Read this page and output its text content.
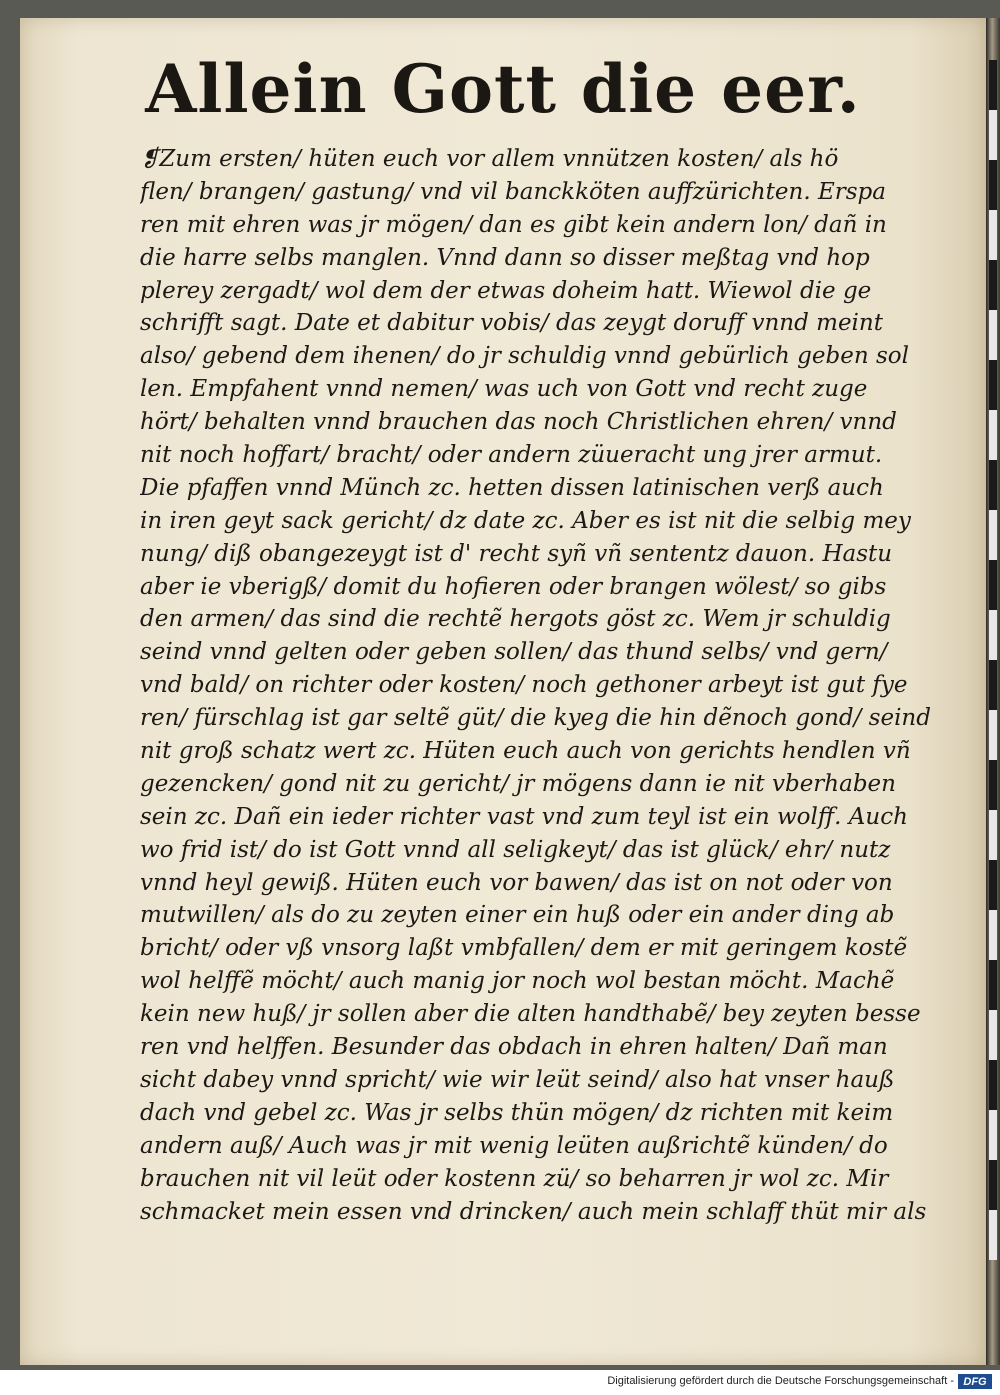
Allein Gott die eer.
❡Zum ersten/ hüten euch vor allem vnnützen kosten/ als hö
flen/ brangen/ gastung/ vnd vil banckköten auffzürichten. Erspa
ren mit ehren was jr mögen/ dan es gibt kein andern lon/ dañ in
die harre selbs manglen. Vnnd dann so disser meßtag vnd hop
plerey zergadt/ wol dem der etwas doheim hatt. Wiewol die ge
schrifft sagt. Date et dabitur vobis/ das zeygt doruff vnnd meint
also/ gebend dem ihenen/ do jr schuldig vnnd gebürlich geben sol
len. Empfahent vnnd nemen/ was uch von Gott vnd recht zuge
hört/ behalten vnnd brauchen das noch Christlichen ehren/ vnnd
nit noch hoffart/ bracht/ oder andern züueracht ung jrer armut.
Die pfaffen vnnd Münch zc. hetten dissen latinischen verß auch
in iren geyt sack gericht/ dz date zc. Aber es ist nit die selbig mey
nung/ diß obangezeygt ist d' recht syñ vñ sententz dauon. Hastu
aber ie vberigß/ domit du hofieren oder brangen wölest/ so gibs
den armen/ das sind die rechtẽ hergots göst zc. Wem jr schuldig
seind vnnd gelten oder geben sollen/ das thund selbs/ vnd gern/
vnd bald/ on richter oder kosten/ noch gethoner arbeyt ist gut fye
ren/ fürschlag ist gar seltẽ güt/ die kyeg die hin dẽnoch gond/ seind
nit groß schatz wert zc. Hüten euch auch von gerichts hendlen vñ
gezencken/ gond nit zu gericht/ jr mögens dann ie nit vberhaben
sein zc. Dañ ein ieder richter vast vnd zum teyl ist ein wolff. Auch
wo frid ist/ do ist Gott vnnd all seligkeyt/ das ist glück/ ehr/ nutz
vnnd heyl gewiß. Hüten euch vor bawen/ das ist on not oder von
mutwillen/ als do zu zeyten einer ein huß oder ein ander ding ab
bricht/ oder vß vnsorg laßt vmbfallen/ dem er mit geringem kostẽ
wol helffẽ möcht/ auch manig jor noch wol bestan möcht. Machẽ
kein new huß/ jr sollen aber die alten handthabẽ/ bey zeyten besse
ren vnd helffen. Besunder das obdach in ehren halten/ Dañ man
sicht dabey vnnd spricht/ wie wir leüt seind/ also hat vnser hauß
dach vnd gebel zc. Was jr selbs thün mögen/ dz richten mit keim
andern auß/ Auch was jr mit wenig leüten außrichtẽ künden/ do
brauchen nit vil leüt oder kostenn zü/ so beharren jr wol zc. Mir
schmacket mein essen vnd drincken/ auch mein schlaff thüt mir als
Digitalisierung gefördert durch die Deutsche Forschungsgemeinschaft - DFG
